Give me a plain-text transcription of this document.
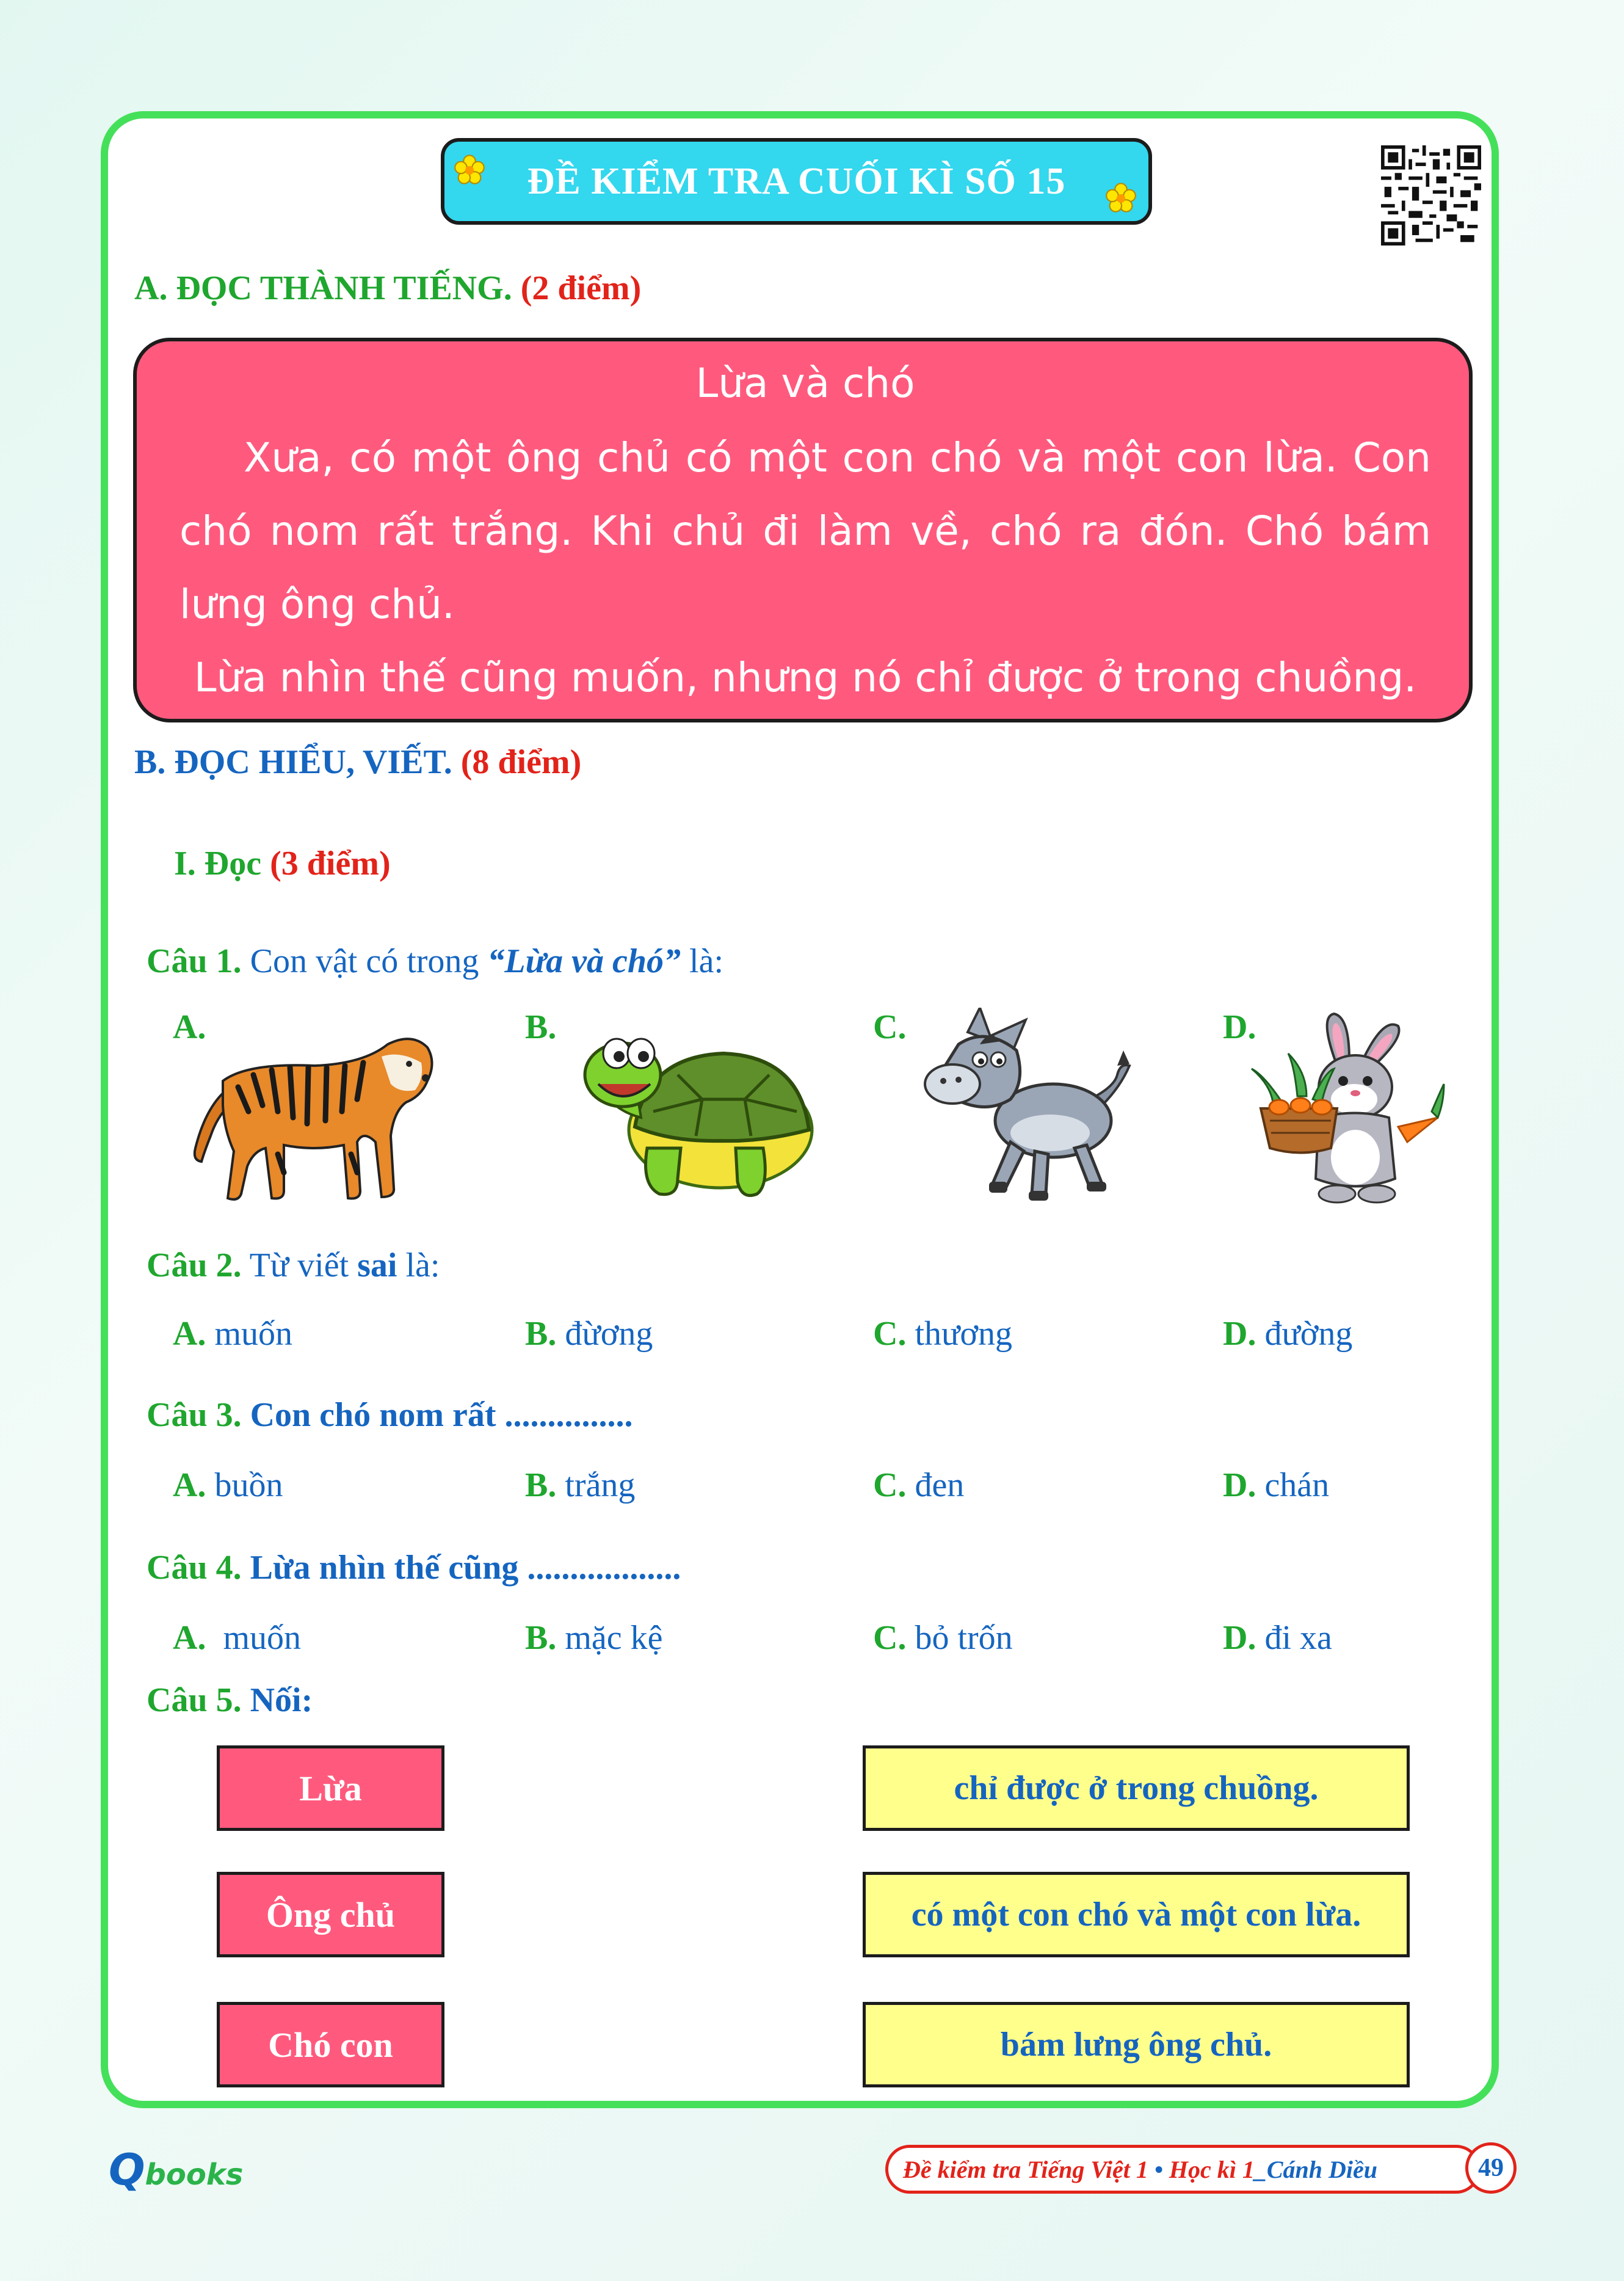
ĐỀ KIỂM TRA CUỐI KÌ SỐ 15
A. ĐỌC THÀNH TIẾNG. (2 điểm)
Lừa và chó
Xưa, có một ông chủ có một con chó và một con lừa. Con
chó nom rất trắng. Khi chủ đi làm về, chó ra đón. Chó bám
lưng ông chủ.
Lừa nhìn thế cũng muốn, nhưng nó chỉ được ở trong chuồng.
B. ĐỌC HIỂU, VIẾT. (8 điểm)
I. Đọc (3 điểm)
Câu 1. Con vật có trong “Lừa và chó” là:
A.	B.	C.	D.
Câu 2. Từ viết sai là:
A. muốn	B. đừơng	C. thương	D. đường
Câu 3. Con chó nom rất ...............
A. buồn	B. trắng	C. đen	D. chán
Câu 4. Lừa nhìn thế cũng ..................
A.  muốn	B. mặc kệ	C. bỏ trốn	D. đi xa
Câu 5. Nối:
Lừa
Ông chủ
Chó con
chỉ được ở trong chuồng.
có một con chó và một con lừa.
bám lưng ông chủ.
Qbooks	Đề kiểm tra Tiếng Việt 1 • Học kì 1 _Cánh Diều	49
